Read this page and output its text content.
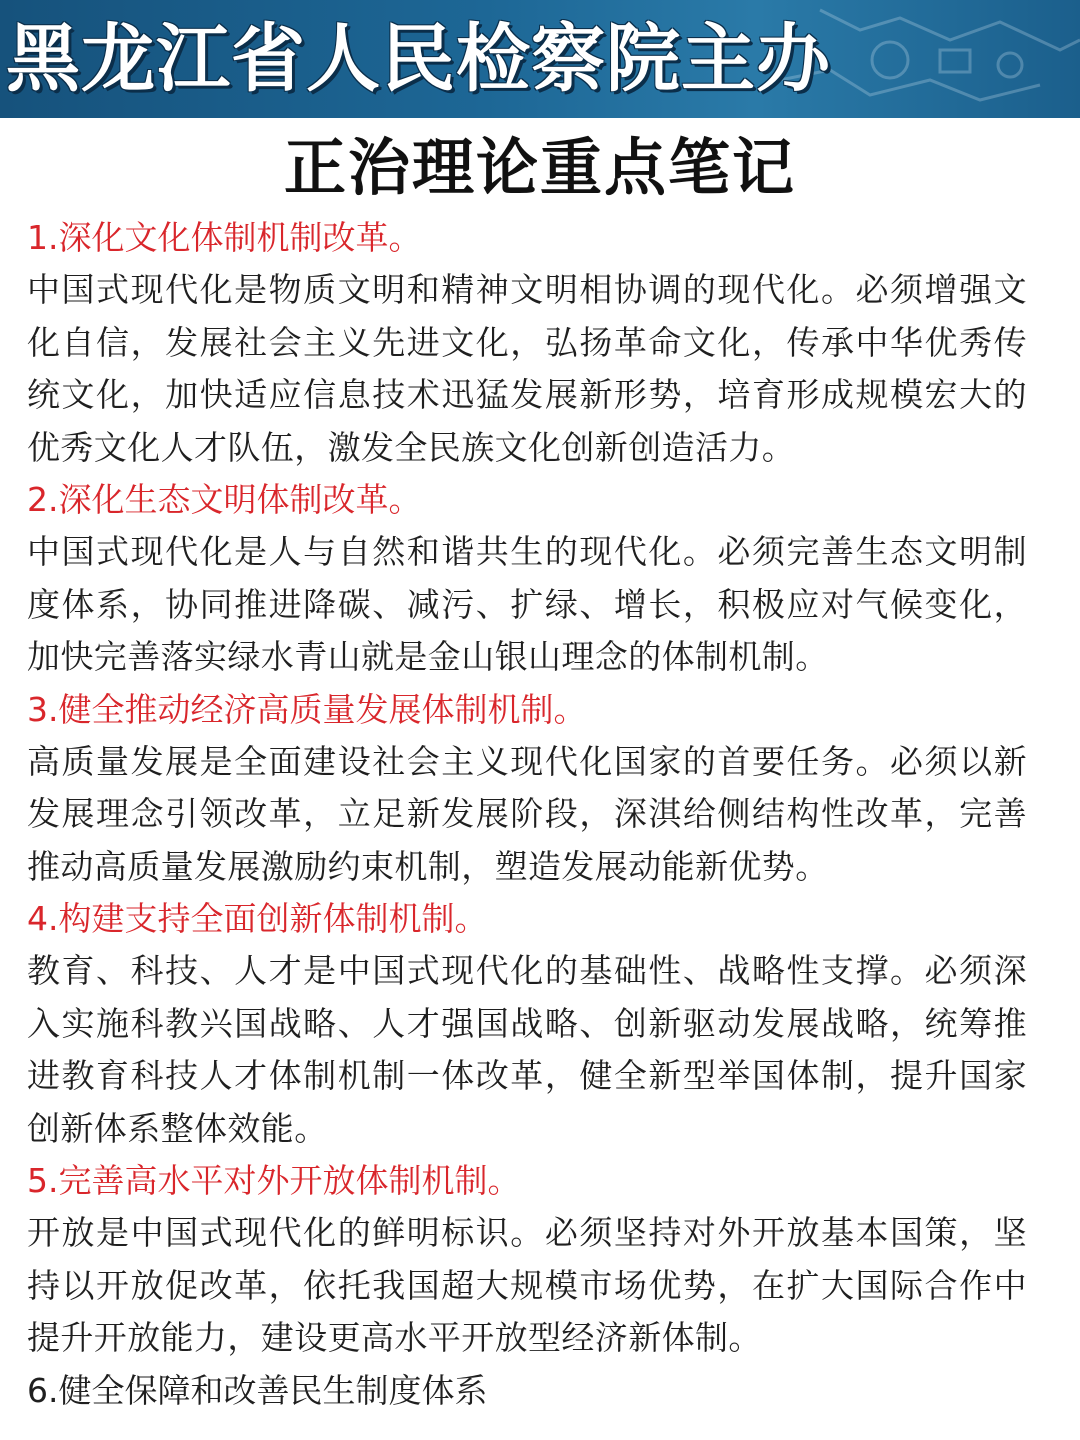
黑龙江省人民检察院主办
正治理论重点笔记

1.深化文化体制机制改革。

中国式现代化是物质文明和精神文明相协调的现代化。必须增强文化自信，发展社会主义先进文化，弘扬革命文化，传承中华优秀传统文化，加快适应信息技术迅猛发展新形势，培育形成规模宏大的优秀文化人才队伍，激发全民族文化创新创造活力。

2.深化生态文明体制改革。

中国式现代化是人与自然和谐共生的现代化。必须完善生态文明制度体系，协同推进降碳、减污、扩绿、增长，积极应对气候变化，加快完善落实绿水青山就是金山银山理念的体制机制。

3.健全推动经济高质量发展体制机制。

高质量发展是全面建设社会主义现代化国家的首要任务。必须以新发展理念引领改革，立足新发展阶段，深淇给侧结构性改革，完善推动高质量发展激励约束机制，塑造发展动能新优势。

4.构建支持全面创新体制机制。

教育、科技、人才是中国式现代化的基础性、战略性支撑。必须深入实施科教兴国战略、人才强国战略、创新驱动发展战略，统筹推进教育科技人才体制机制一体改革，健全新型举国体制，提升国家创新体系整体效能。

5.完善高水平对外开放体制机制。

开放是中国式现代化的鲜明标识。必须坚持对外开放基本国策，坚持以开放促改革，依托我国超大规模市场优势，在扩大国际合作中提升开放能力，建设更高水平开放型经济新体制。

6.健全保障和改善民生制度体系
